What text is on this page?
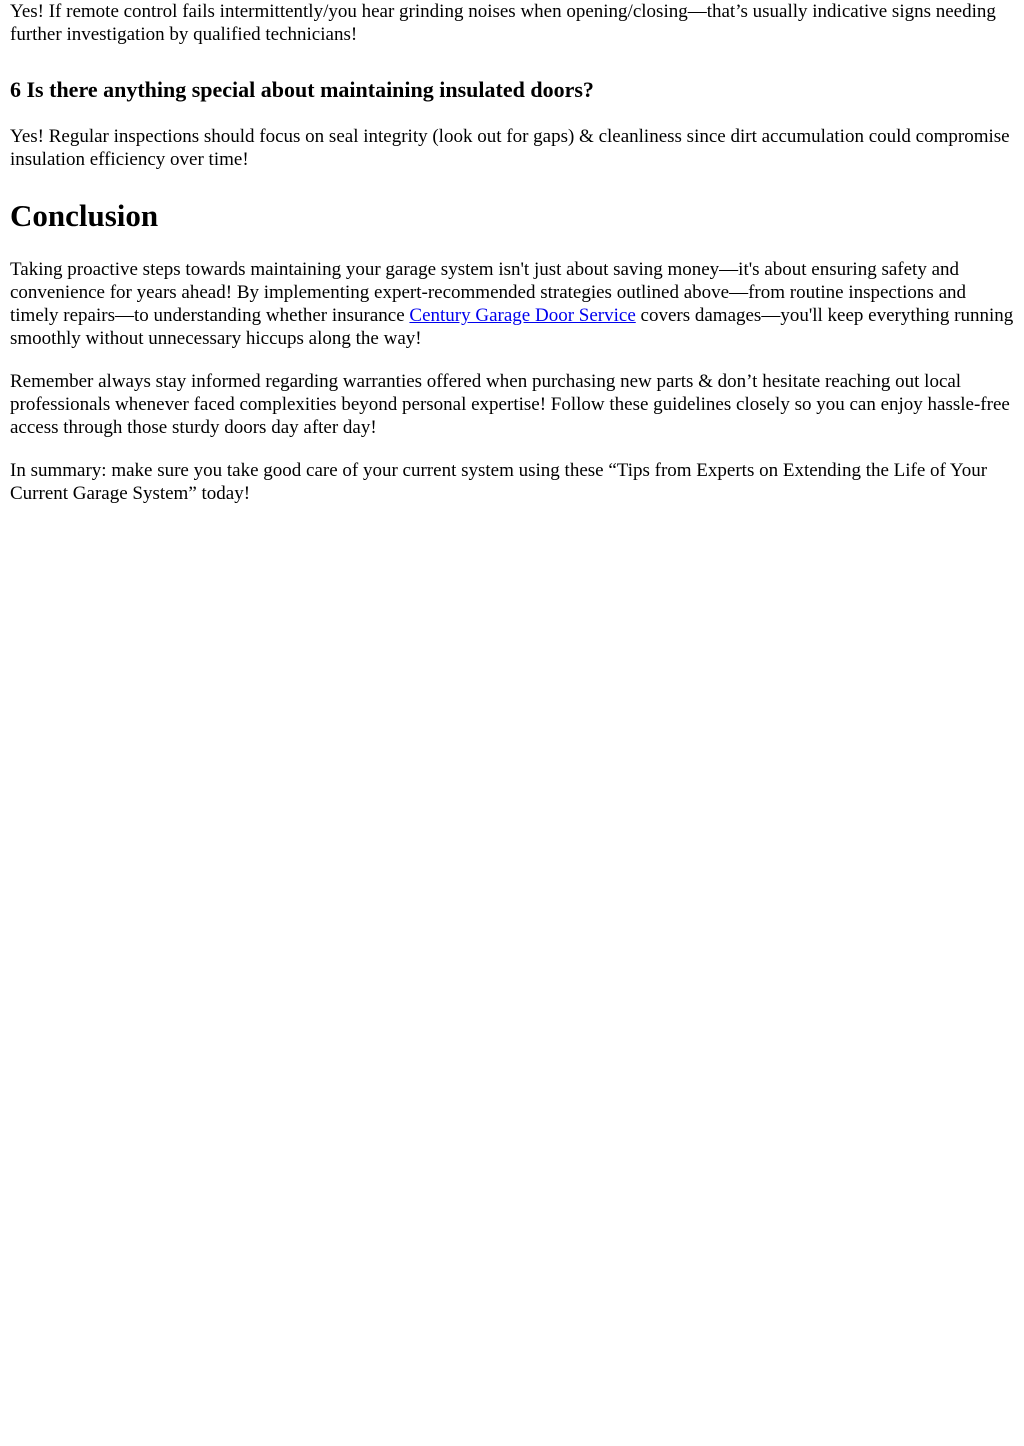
Yes! If remote control fails intermittently/you hear grinding noises when opening/closing—that’s usually indicative signs needing further investigation by qualified technicians!

6 Is there anything special about maintaining insulated doors?

Yes! Regular inspections should focus on seal integrity (look out for gaps) & cleanliness since dirt accumulation could compromise insulation efficiency over time!

Conclusion

Taking proactive steps towards maintaining your garage system isn't just about saving money—it's about ensuring safety and convenience for years ahead! By implementing expert-recommended strategies outlined above—from routine inspections and timely repairs—to understanding whether insurance Century Garage Door Service covers damages—you'll keep everything running smoothly without unnecessary hiccups along the way!

Remember always stay informed regarding warranties offered when purchasing new parts & don’t hesitate reaching out local professionals whenever faced complexities beyond personal expertise! Follow these guidelines closely so you can enjoy hassle-free access through those sturdy doors day after day!

In summary: make sure you take good care of your current system using these “Tips from Experts on Extending the Life of Your Current Garage System” today!
